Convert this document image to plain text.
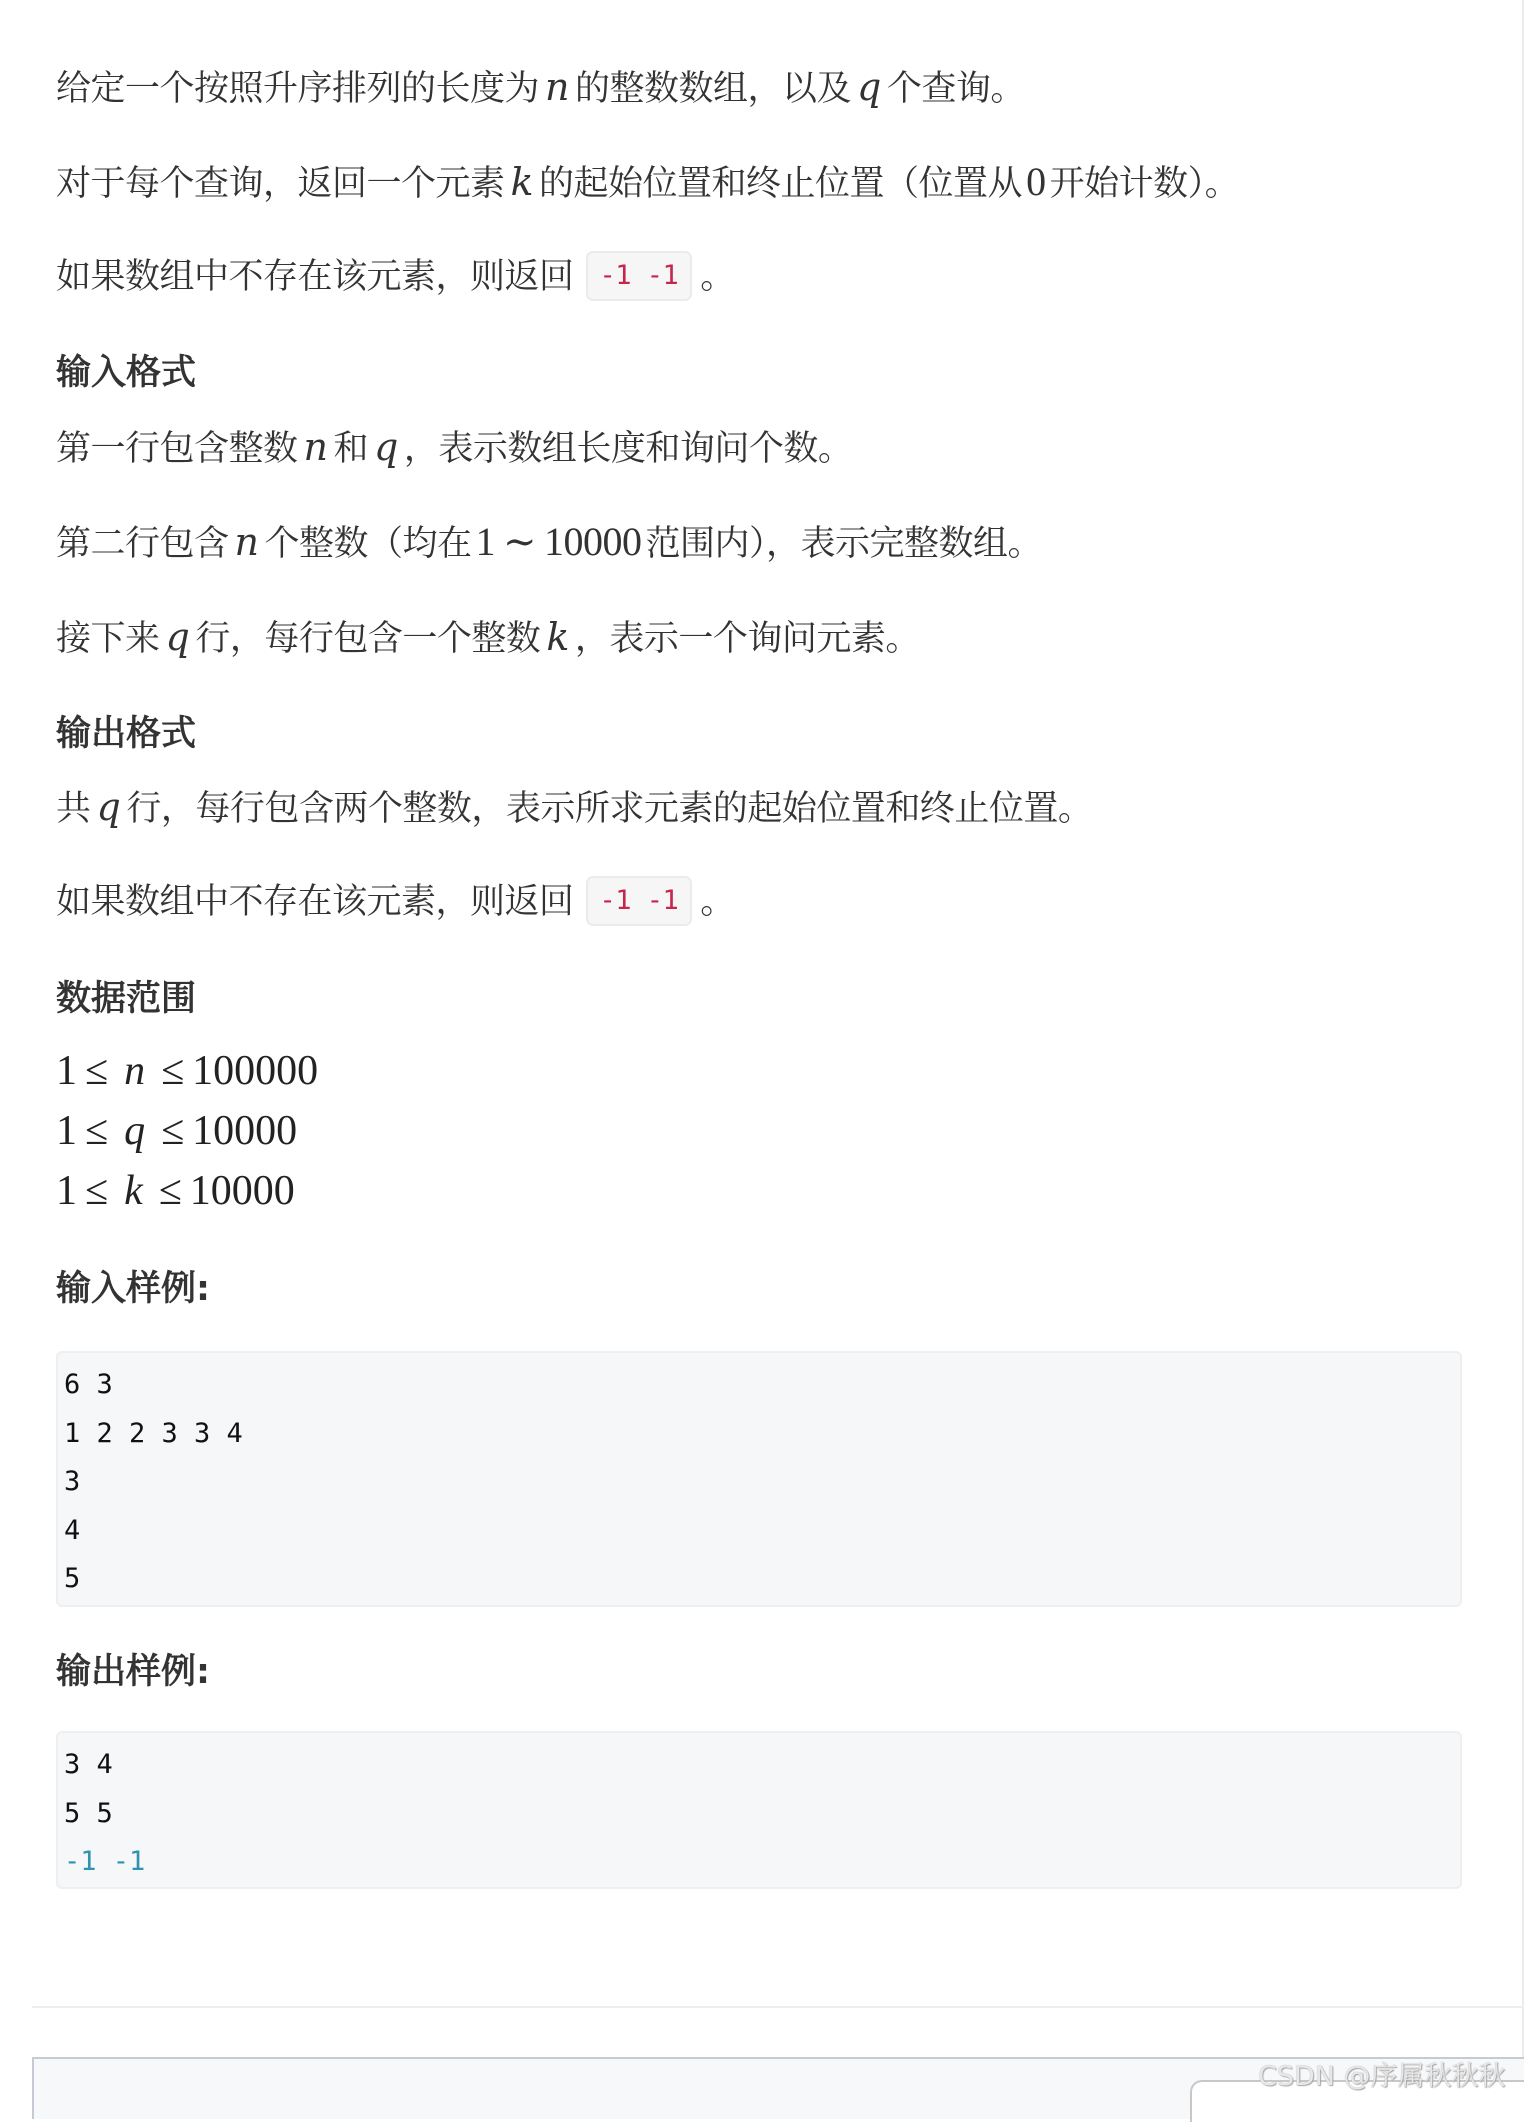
给定一个按照升序排列的长度为 n 的整数数组，以及 q 个查询。
对于每个查询，返回一个元素 k 的起始位置和终止位置（位置从 0 开始计数）。
如果数组中不存在该元素，则返回 -1 -1 。
输入格式
第一行包含整数 n 和 q ，表示数组长度和询问个数。
第二行包含 n 个整数（均在 1 ∼ 10000 范围内），表示完整数组。
接下来 q 行，每行包含一个整数 k ，表示一个询问元素。
输出格式
共 q 行，每行包含两个整数，表示所求元素的起始位置和终止位置。
如果数组中不存在该元素，则返回 -1 -1 。
数据范围
1 ≤ n ≤ 100000
1 ≤ q ≤ 10000
1 ≤ k ≤ 10000
输入样例:
6 3
1 2 2 3 3 4
3
4
5
输出样例:
3 4
5 5
-1 -1
CSDN @序属秋秋秋
